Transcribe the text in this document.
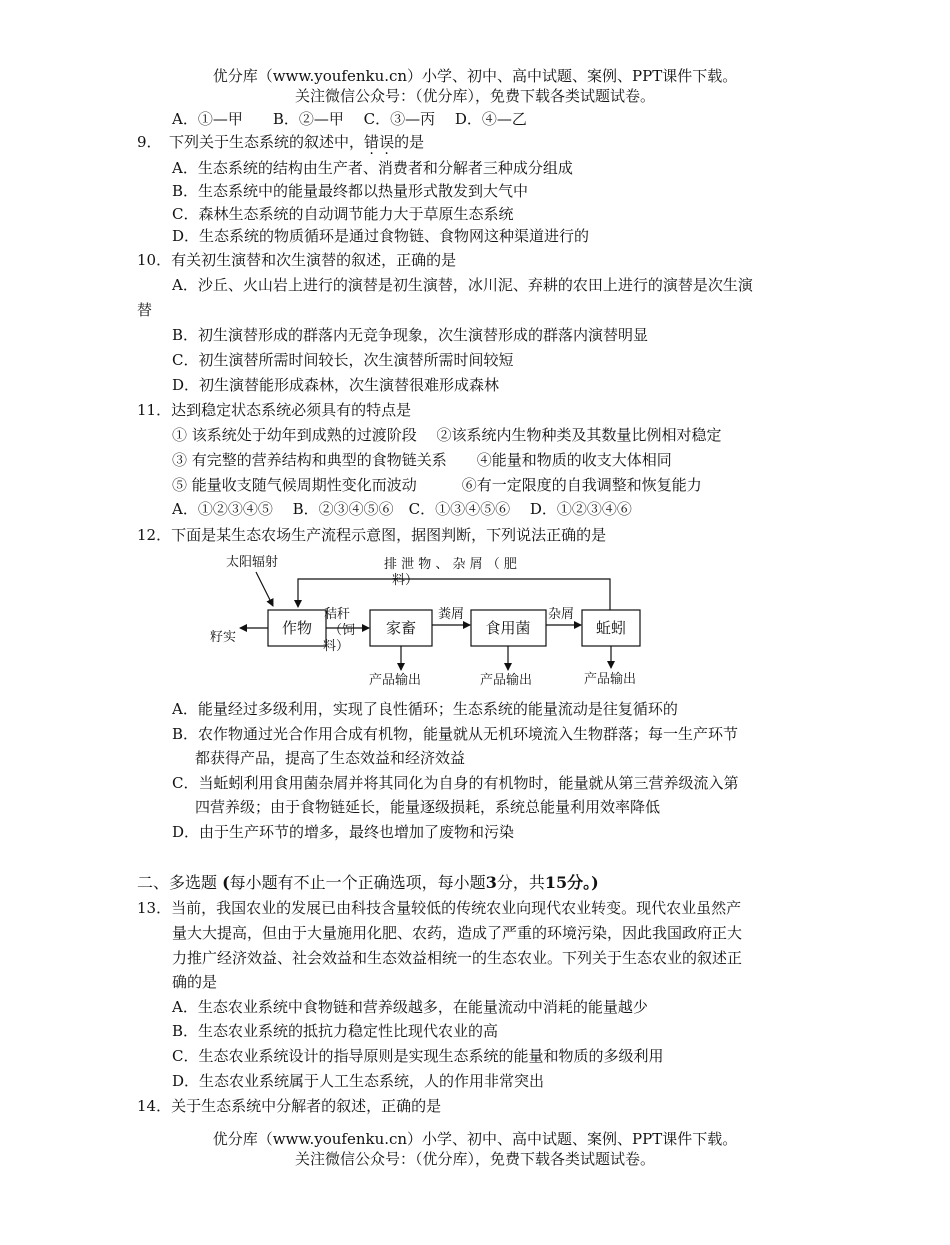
优分库（www.youfenku.cn）小学、初中、高中试题、案例、PPT课件下载。
关注微信公众号：（优分库），免费下载各类试题试卷。
A．①—甲　　B．②—甲　 C．③—丙　 D．④—乙
9．　下列关于生态系统的叙述中，错误的是
A．生态系统的结构由生产者、消费者和分解者三种成分组成
B．生态系统中的能量最终都以热量形式散发到大气中
C．森林生态系统的自动调节能力大于草原生态系统
D．生态系统的物质循环是通过食物链、食物网这种渠道进行的
10．有关初生演替和次生演替的叙述，正确的是
A．沙丘、火山岩上进行的演替是初生演替，冰川泥、弃耕的农田上进行的演替是次生演
替
B．初生演替形成的群落内无竞争现象，次生演替形成的群落内演替明显
C．初生演替所需时间较长，次生演替所需时间较短
D．初生演替能形成森林，次生演替很难形成森林
11．达到稳定状态系统必须具有的特点是
① 该系统处于幼年到成熟的过渡阶段　 ②该系统内生物种类及其数量比例相对稳定
③ 有完整的营养结构和典型的食物链关系　　④能量和物质的收支大体相同
⑤ 能量收支随气候周期性变化而波动　　　⑥有一定限度的自我调整和恢复能力
A．①②③④⑤　 B．②③④⑤⑥　C．①③④⑤⑥　 D．①②③④⑥
12．下面是某生态农场生产流程示意图，据图判断，下列说法正确的是
太阳辐射	排 泄 物 、 杂 屑 （ 肥
料）
作物	家畜	食用菌	蚯蚓
籽实
秸秆
（饲
料）
粪屑	杂屑
产品输出	产品输出	产品输出
A．能量经过多级利用，实现了良性循环；生态系统的能量流动是往复循环的
B．农作物通过光合作用合成有机物，能量就从无机环境流入生物群落；每一生产环节
都获得产品，提高了生态效益和经济效益
C．当蚯蚓利用食用菌杂屑并将其同化为自身的有机物时，能量就从第三营养级流入第
四营养级；由于食物链延长，能量逐级损耗，系统总能量利用效率降低
D．由于生产环节的增多，最终也增加了废物和污染
二、多选题 (每小题有不止一个正确选项，每小题3分，共15分。)
13．当前，我国农业的发展已由科技含量较低的传统农业向现代农业转变。现代农业虽然产
量大大提高，但由于大量施用化肥、农药，造成了严重的环境污染，因此我国政府正大
力推广经济效益、社会效益和生态效益相统一的生态农业。下列关于生态农业的叙述正
确的是
A．生态农业系统中食物链和营养级越多，在能量流动中消耗的能量越少
B．生态农业系统的抵抗力稳定性比现代农业的高
C．生态农业系统设计的指导原则是实现生态系统的能量和物质的多级利用
D．生态农业系统属于人工生态系统，人的作用非常突出
14．关于生态系统中分解者的叙述，正确的是
优分库（www.youfenku.cn）小学、初中、高中试题、案例、PPT课件下载。
关注微信公众号：（优分库），免费下载各类试题试卷。
